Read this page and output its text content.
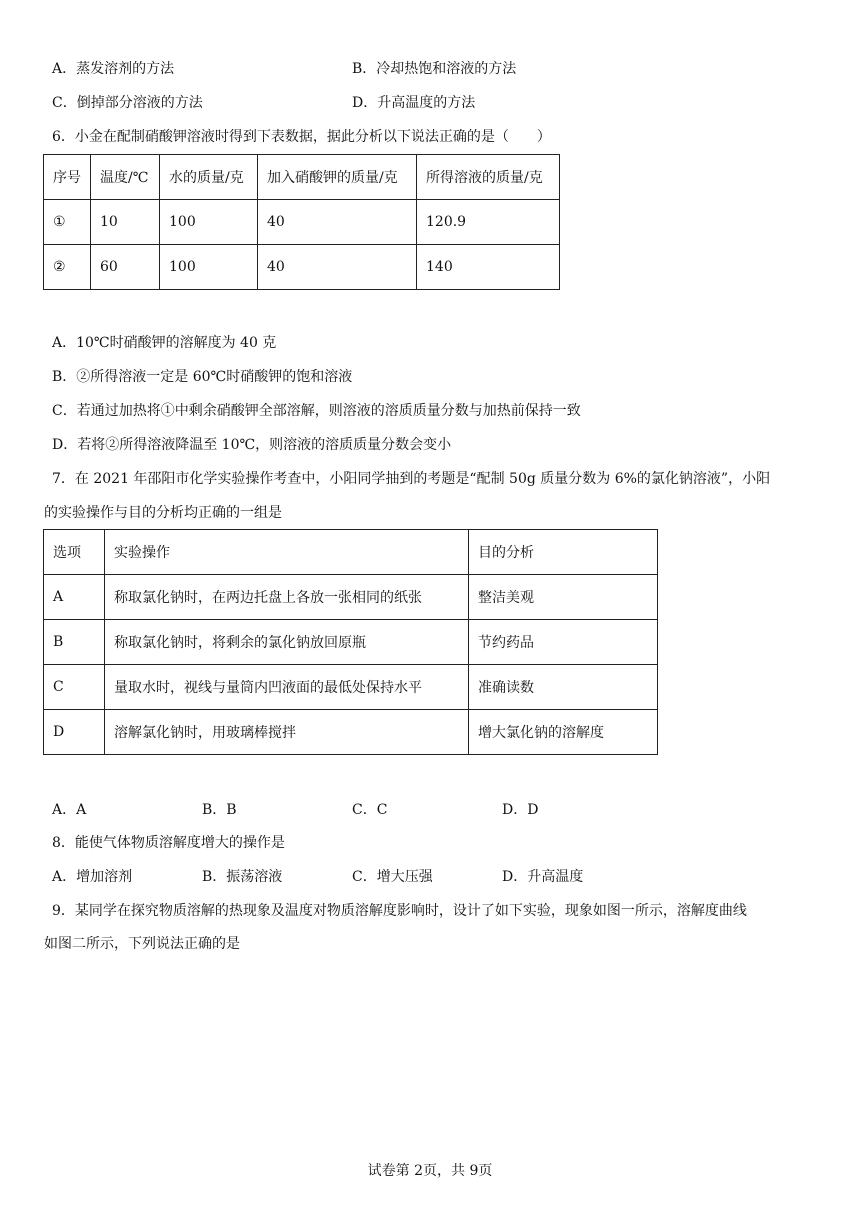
A．蒸发溶剂的方法	B．冷却热饱和溶液的方法
C．倒掉部分溶液的方法	D．升高温度的方法
6．小金在配制硝酸钾溶液时得到下表数据，据此分析以下说法正确的是（　　）
序号	温度/℃	水的质量/克	加入硝酸钾的质量/克	所得溶液的质量/克
①	10	100	40	120.9
②	60	100	40	140
A．10℃时硝酸钾的溶解度为 40 克
B．②所得溶液一定是 60℃时硝酸钾的饱和溶液
C．若通过加热将①中剩余硝酸钾全部溶解，则溶液的溶质质量分数与加热前保持一致
D．若将②所得溶液降温至 10℃，则溶液的溶质质量分数会变小
7．在 2021 年邵阳市化学实验操作考查中，小阳同学抽到的考题是“配制 50g 质量分数为 6%的氯化钠溶液”，小阳
的实验操作与目的分析均正确的一组是
选项	实验操作	目的分析
A	称取氯化钠时，在两边托盘上各放一张相同的纸张	整洁美观
B	称取氯化钠时，将剩余的氯化钠放回原瓶	节约药品
C	量取水时，视线与量筒内凹液面的最低处保持水平	准确读数
D	溶解氯化钠时，用玻璃棒搅拌	增大氯化钠的溶解度
A．A	B．B	C．C	D．D
8．能使气体物质溶解度增大的操作是
A．增加溶剂	B．振荡溶液	C．增大压强	D．升高温度
9．某同学在探究物质溶解的热现象及温度对物质溶解度影响时，设计了如下实验，现象如图一所示，溶解度曲线
如图二所示，下列说法正确的是
试卷第 2页，共 9页
